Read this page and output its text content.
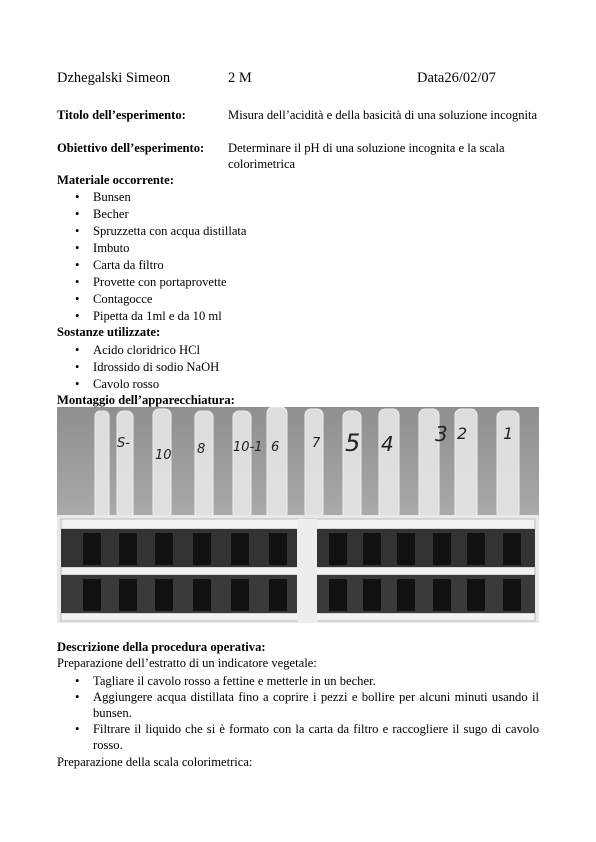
Dzhegalski Simeon	2 M	Data26/02/07
Titolo dell’esperimento:	Misura dell’acidità e della basicità di una soluzione incognita
Obiettivo dell’esperimento: Determinare il pH di una soluzione incognita e la scala colorimetrica
Materiale occorrente:
• Bunsen
• Becher
• Spruzzetta con acqua distillata
• Imbuto
• Carta da filtro
• Provette con portaprovette
• Contagocce
• Pipetta da 1ml e da 10 ml
Sostanze utilizzate:
• Acido cloridrico HCl
• Idrossido di sodio NaOH
• Cavolo rosso
Montaggio dell’apparecchiatura:
S-
10 8 10-1 6	7 5 4 3 2 1
Descrizione della procedura operativa:
Preparazione dell’estratto di un indicatore vegetale:
• Tagliare il cavolo rosso a fettine e metterle in un becher.
• Aggiungere acqua distillata fino a coprire i pezzi e bollire per alcuni minuti usando il bunsen.
• Filtrare il liquido che si è formato con la carta da filtro e raccogliere il sugo di cavolo rosso.
Preparazione della scala colorimetrica:
